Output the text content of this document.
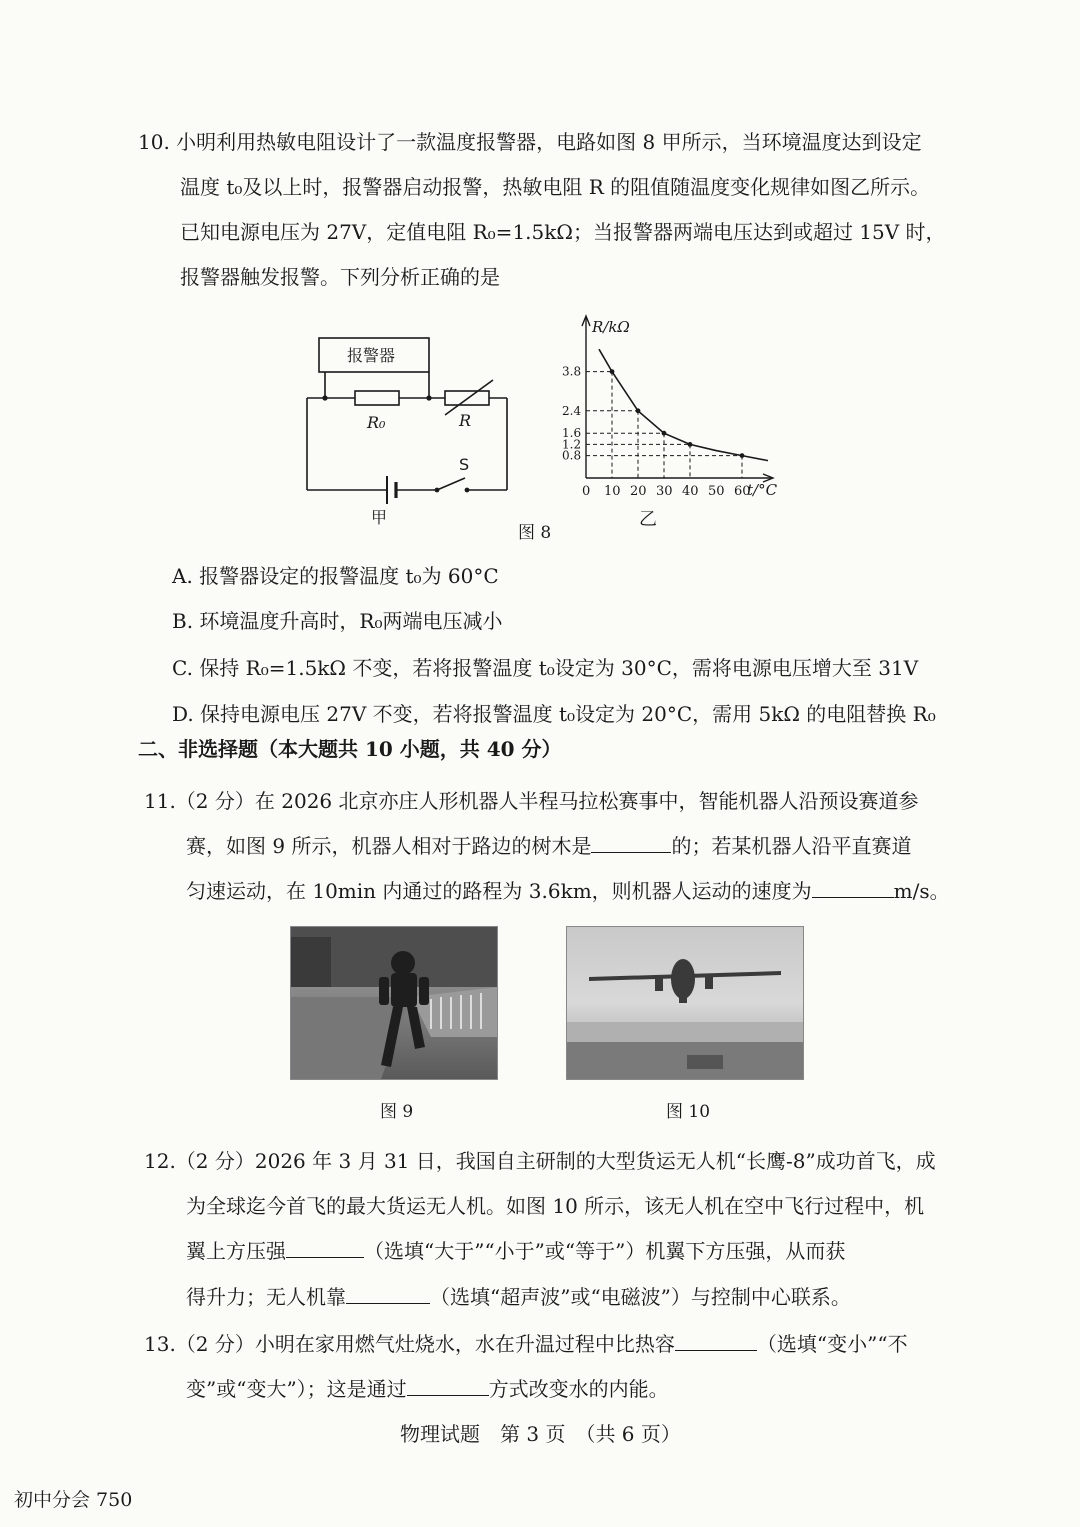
10. 小明利用热敏电阻设计了一款温度报警器，电路如图 8 甲所示，当环境温度达到设定
温度 t₀及以上时，报警器启动报警，热敏电阻 R 的阻值随温度变化规律如图乙所示。
已知电源电压为 27V，定值电阻 R₀=1.5kΩ；当报警器两端电压达到或超过 15V 时，
报警器触发报警。下列分析正确的是
报警器
R₀	R
S
甲
0 10 20 30 40 50 60
0.8
1.2
1.6
2.4
3.8
R/kΩ
t/°C
乙
图 8
A. 报警器设定的报警温度 t₀为 60°C
B. 环境温度升高时，R₀两端电压减小
C. 保持 R₀=1.5kΩ 不变，若将报警温度 t₀设定为 30°C，需将电源电压增大至 31V
D. 保持电源电压 27V 不变，若将报警温度 t₀设定为 20°C，需用 5kΩ 的电阻替换 R₀
二、非选择题（本大题共 10 小题，共 40 分）
11.（2 分）在 2026 北京亦庄人形机器人半程马拉松赛事中，智能机器人沿预设赛道参
赛，如图 9 所示，机器人相对于路边的树木是	的；若某机器人沿平直赛道
匀速运动，在 10min 内通过的路程为 3.6km，则机器人运动的速度为	m/s。
图 9	图 10
12.（2 分）2026 年 3 月 31 日，我国自主研制的大型货运无人机“长鹰-8”成功首飞，成
为全球迄今首飞的最大货运无人机。如图 10 所示，该无人机在空中飞行过程中，机
翼上方压强	（选填“大于”“小于”或“等于”）机翼下方压强，从而获
得升力；无人机靠	（选填“超声波”或“电磁波”）与控制中心联系。
13.（2 分）小明在家用燃气灶烧水，水在升温过程中比热容	（选填“变小”“不
变”或“变大”）；这是通过	方式改变水的内能。
物理试题　第 3 页　（共 6 页）
初中分会 750
